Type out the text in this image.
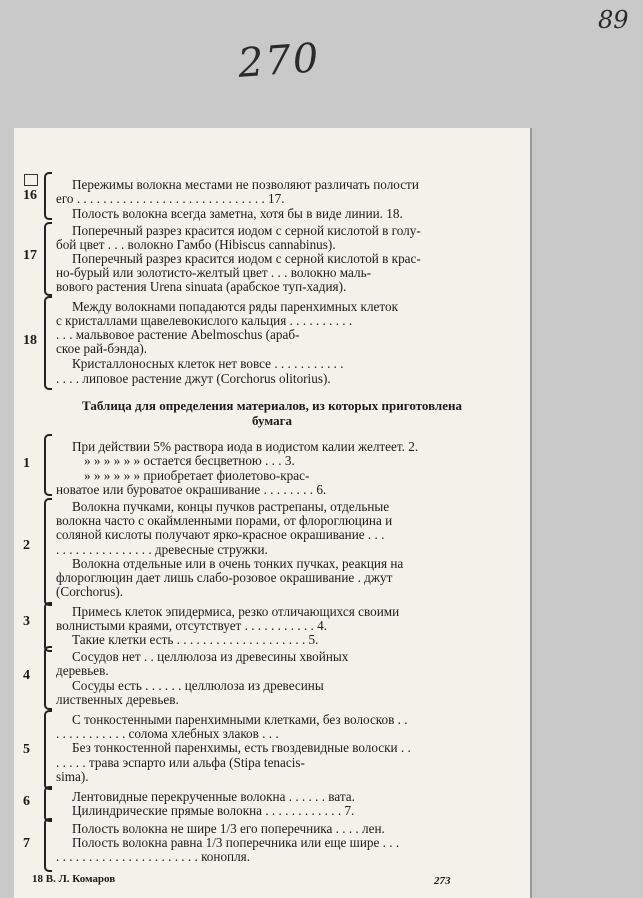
270
89
16
Перeжимы волокна местами не позволяют различать полости
его . . . . . . . . . . . . . . . . . . . . . . . . . . . . . 17.
Полость волокна всегда заметна, хотя бы в виде линии. 18.
17
Поперечный разрез красится иодом с серной кислотой в голу-
бой цвет . . . волокно Гамбо (Hibiscus cannabinus).
Поперечный разрез красится иодом с серной кислотой в крас-
но-бурый или золотисто-желтый цвет . . . волокно маль-
вового растения Urena sinuata (арабское туп-хадия).
18
Между волокнами попадаются ряды паренхимных клеток
с кристаллами щавелевокислого кальция . . . . . . . . . .
. . . мальвовое растение Abelmoschus (араб-
ское рай-бэнда).
Кристаллоносных клеток нет вовсе . . . . . . . . . . .
. . . . липовое растение джут (Corchorus olitorius).
Таблица для определения материалов, из которых приготовлена
бумага
1
При действии 5% раствора иода в иодистом калии желтеет. 2.
» » » » » » остается бесцветною . . . 3.
» » » » » » приобретает фиолетово-крас-
новатое или буроватое окрашивание . . . . . . . . 6.
2
Волокна пучками, концы пучков растрепаны, отдельные
волокна часто с окаймленными порами, от флороглюцина и
соляной кислоты получают ярко-красное окрашивание . . .
. . . . . . . . . . . . . . . древесные стружки.
Волокна отдельные или в очень тонких пучках, реакция на
флороглюцин дает лишь слабо-розовое окрашивание . джут
(Corchorus).
3
Примесь клеток эпидермиса, резко отличающихся своими
волнистыми краями, отсутствует . . . . . . . . . . . 4.
Такие клетки есть . . . . . . . . . . . . . . . . . . . . 5.
4
Сосудов нет . . целлюлоза из древесины хвойных
деревьев.
Сосуды есть . . . . . . целлюлоза из древесины
лиственных деревьев.
5
С тонкостенными паренхимными клетками, без волосков . .
. . . . . . . . . . . солома хлебных злаков . . .
Без тонкостенной паренхимы, есть гвоздевидные волоски . .
. . . . . трава эспарто или альфа (Stipa tenacis-
sima).
6	Лентовидные перекрученные волокна . . . . . . вата.
Цилиндрические прямые волокна . . . . . . . . . . . . 7.
7
Полость волокна не шире 1/3 его поперечника . . . . лен.
Полость волокна равна 1/3 поперечника или еще шире . . .
. . . . . . . . . . . . . . . . . . . . . . конопля.
18 В. Л. Комаров	273
